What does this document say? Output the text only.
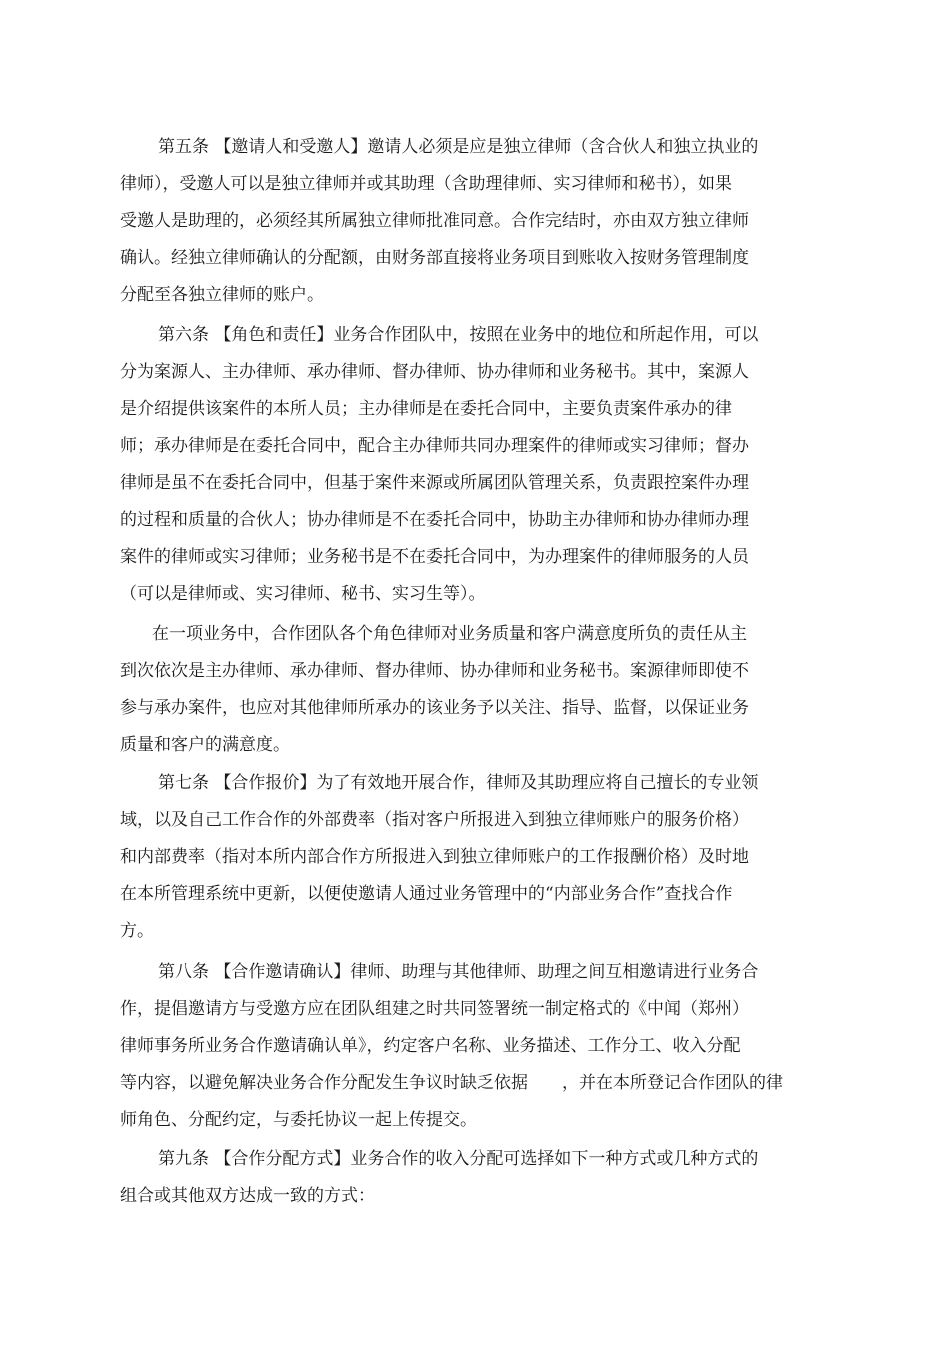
第五条 【邀请人和受邀人】邀请人必须是应是独立律师（含合伙人和独立执业的
律师），受邀人可以是独立律师并或其助理（含助理律师、实习律师和秘书），如果
受邀人是助理的，必须经其所属独立律师批准同意。合作完结时，亦由双方独立律师
确认。经独立律师确认的分配额，由财务部直接将业务项目到账收入按财务管理制度
分配至各独立律师的账户。
第六条 【角色和责任】业务合作团队中，按照在业务中的地位和所起作用，可以
分为案源人、主办律师、承办律师、督办律师、协办律师和业务秘书。其中，案源人
是介绍提供该案件的本所人员；主办律师是在委托合同中，主要负责案件承办的律
师；承办律师是在委托合同中，配合主办律师共同办理案件的律师或实习律师；督办
律师是虽不在委托合同中，但基于案件来源或所属团队管理关系，负责跟控案件办理
的过程和质量的合伙人；协办律师是不在委托合同中，协助主办律师和协办律师办理
案件的律师或实习律师；业务秘书是不在委托合同中，为办理案件的律师服务的人员
（可以是律师或、实习律师、秘书、实习生等）。
在一项业务中，合作团队各个角色律师对业务质量和客户满意度所负的责任从主
到次依次是主办律师、承办律师、督办律师、协办律师和业务秘书。案源律师即使不
参与承办案件，也应对其他律师所承办的该业务予以关注、指导、监督，以保证业务
质量和客户的满意度。
第七条 【合作报价】为了有效地开展合作，律师及其助理应将自己擅长的专业领
域，以及自己工作合作的外部费率（指对客户所报进入到独立律师账户的服务价格）
和内部费率（指对本所内部合作方所报进入到独立律师账户的工作报酬价格）及时地
在本所管理系统中更新，以便使邀请人通过业务管理中的“内部业务合作”查找合作
方。
第八条 【合作邀请确认】律师、助理与其他律师、助理之间互相邀请进行业务合
作，提倡邀请方与受邀方应在团队组建之时共同签署统一制定格式的《中闻（郑州）
律师事务所业务合作邀请确认单》，约定客户名称、业务描述、工作分工、收入分配
等内容，以避免解决业务合作分配发生争议时缺乏依据　　，并在本所登记合作团队的律
师角色、分配约定，与委托协议一起上传提交。
第九条 【合作分配方式】业务合作的收入分配可选择如下一种方式或几种方式的
组合或其他双方达成一致的方式：
